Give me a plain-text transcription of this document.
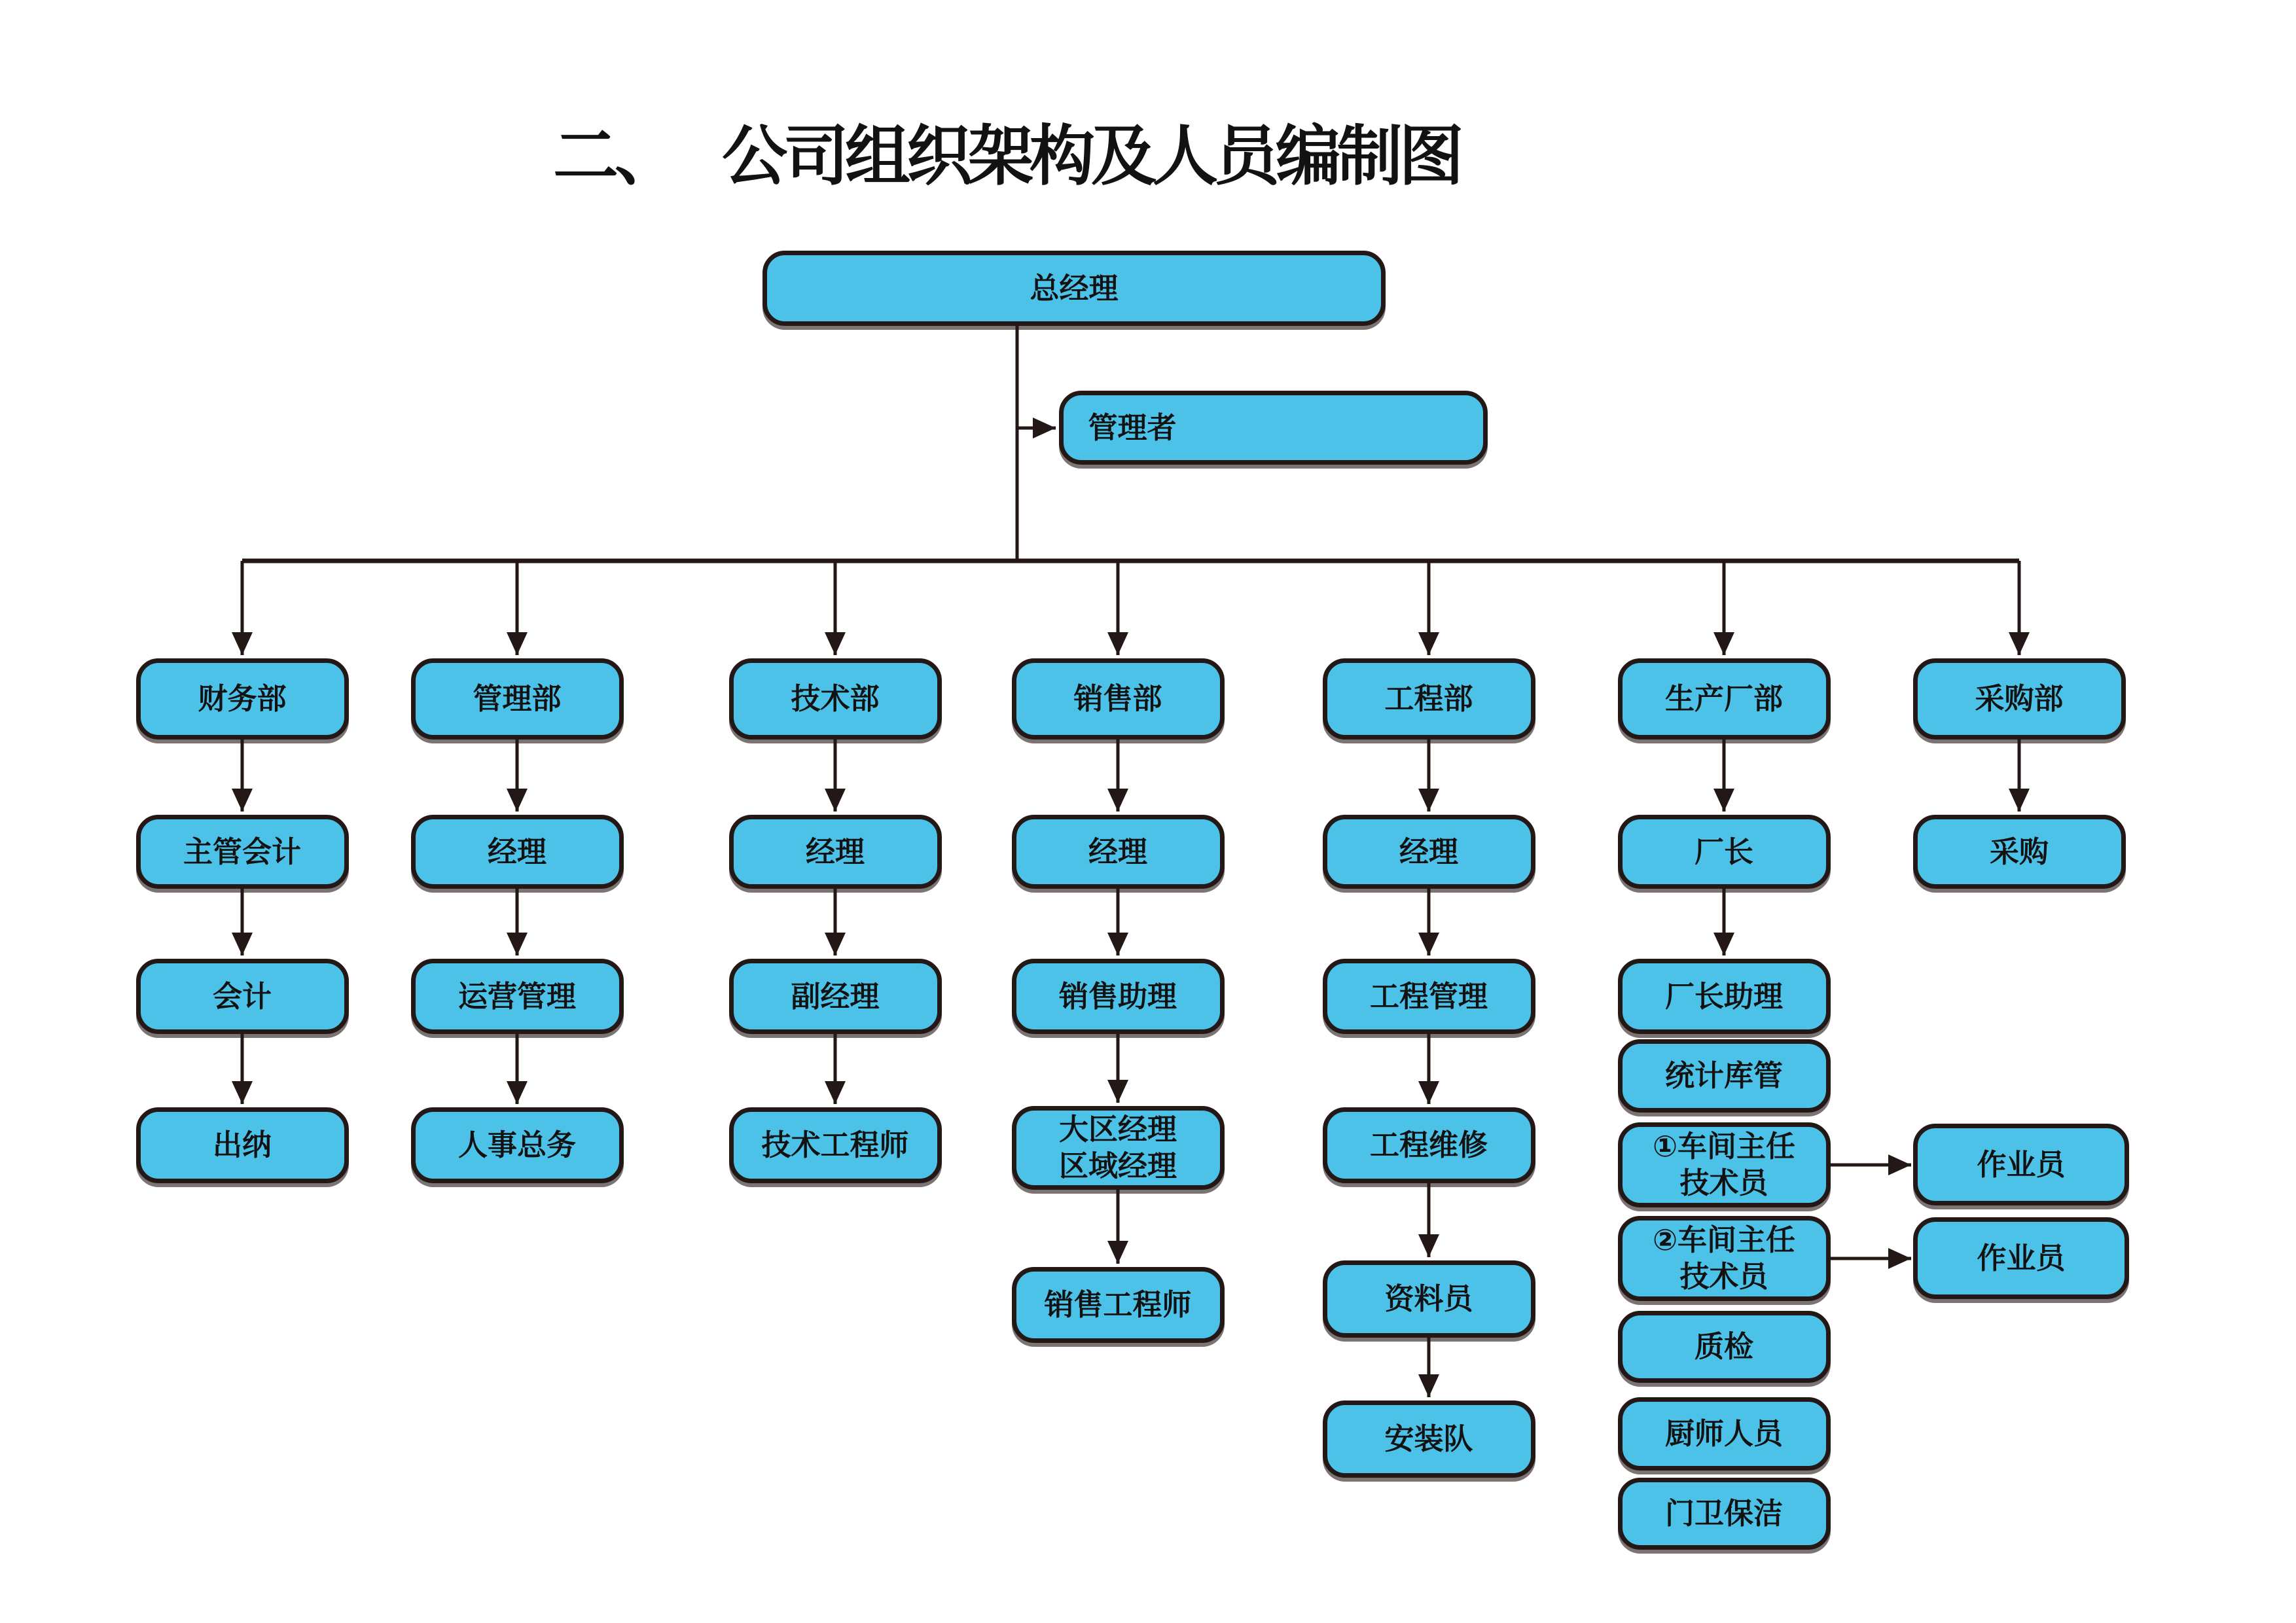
二、 公司组织架构及人员编制图
总经理
管理者
财务部	管理部	技术部	销售部	工程部	生产厂部	采购部
主管会计	经理	经理	经理	经理	厂长	采购
会计	运营管理	副经理	销售助理	工程管理	厂长助理
统计库管
出纳	人事总务	技术工程师	工程维修
大区经理
区域经理
①车间主任
技术员
作业员
②车间主任
技术员
作业员
销售工程师	资料员
质检
安装队	厨师人员
门卫保洁
